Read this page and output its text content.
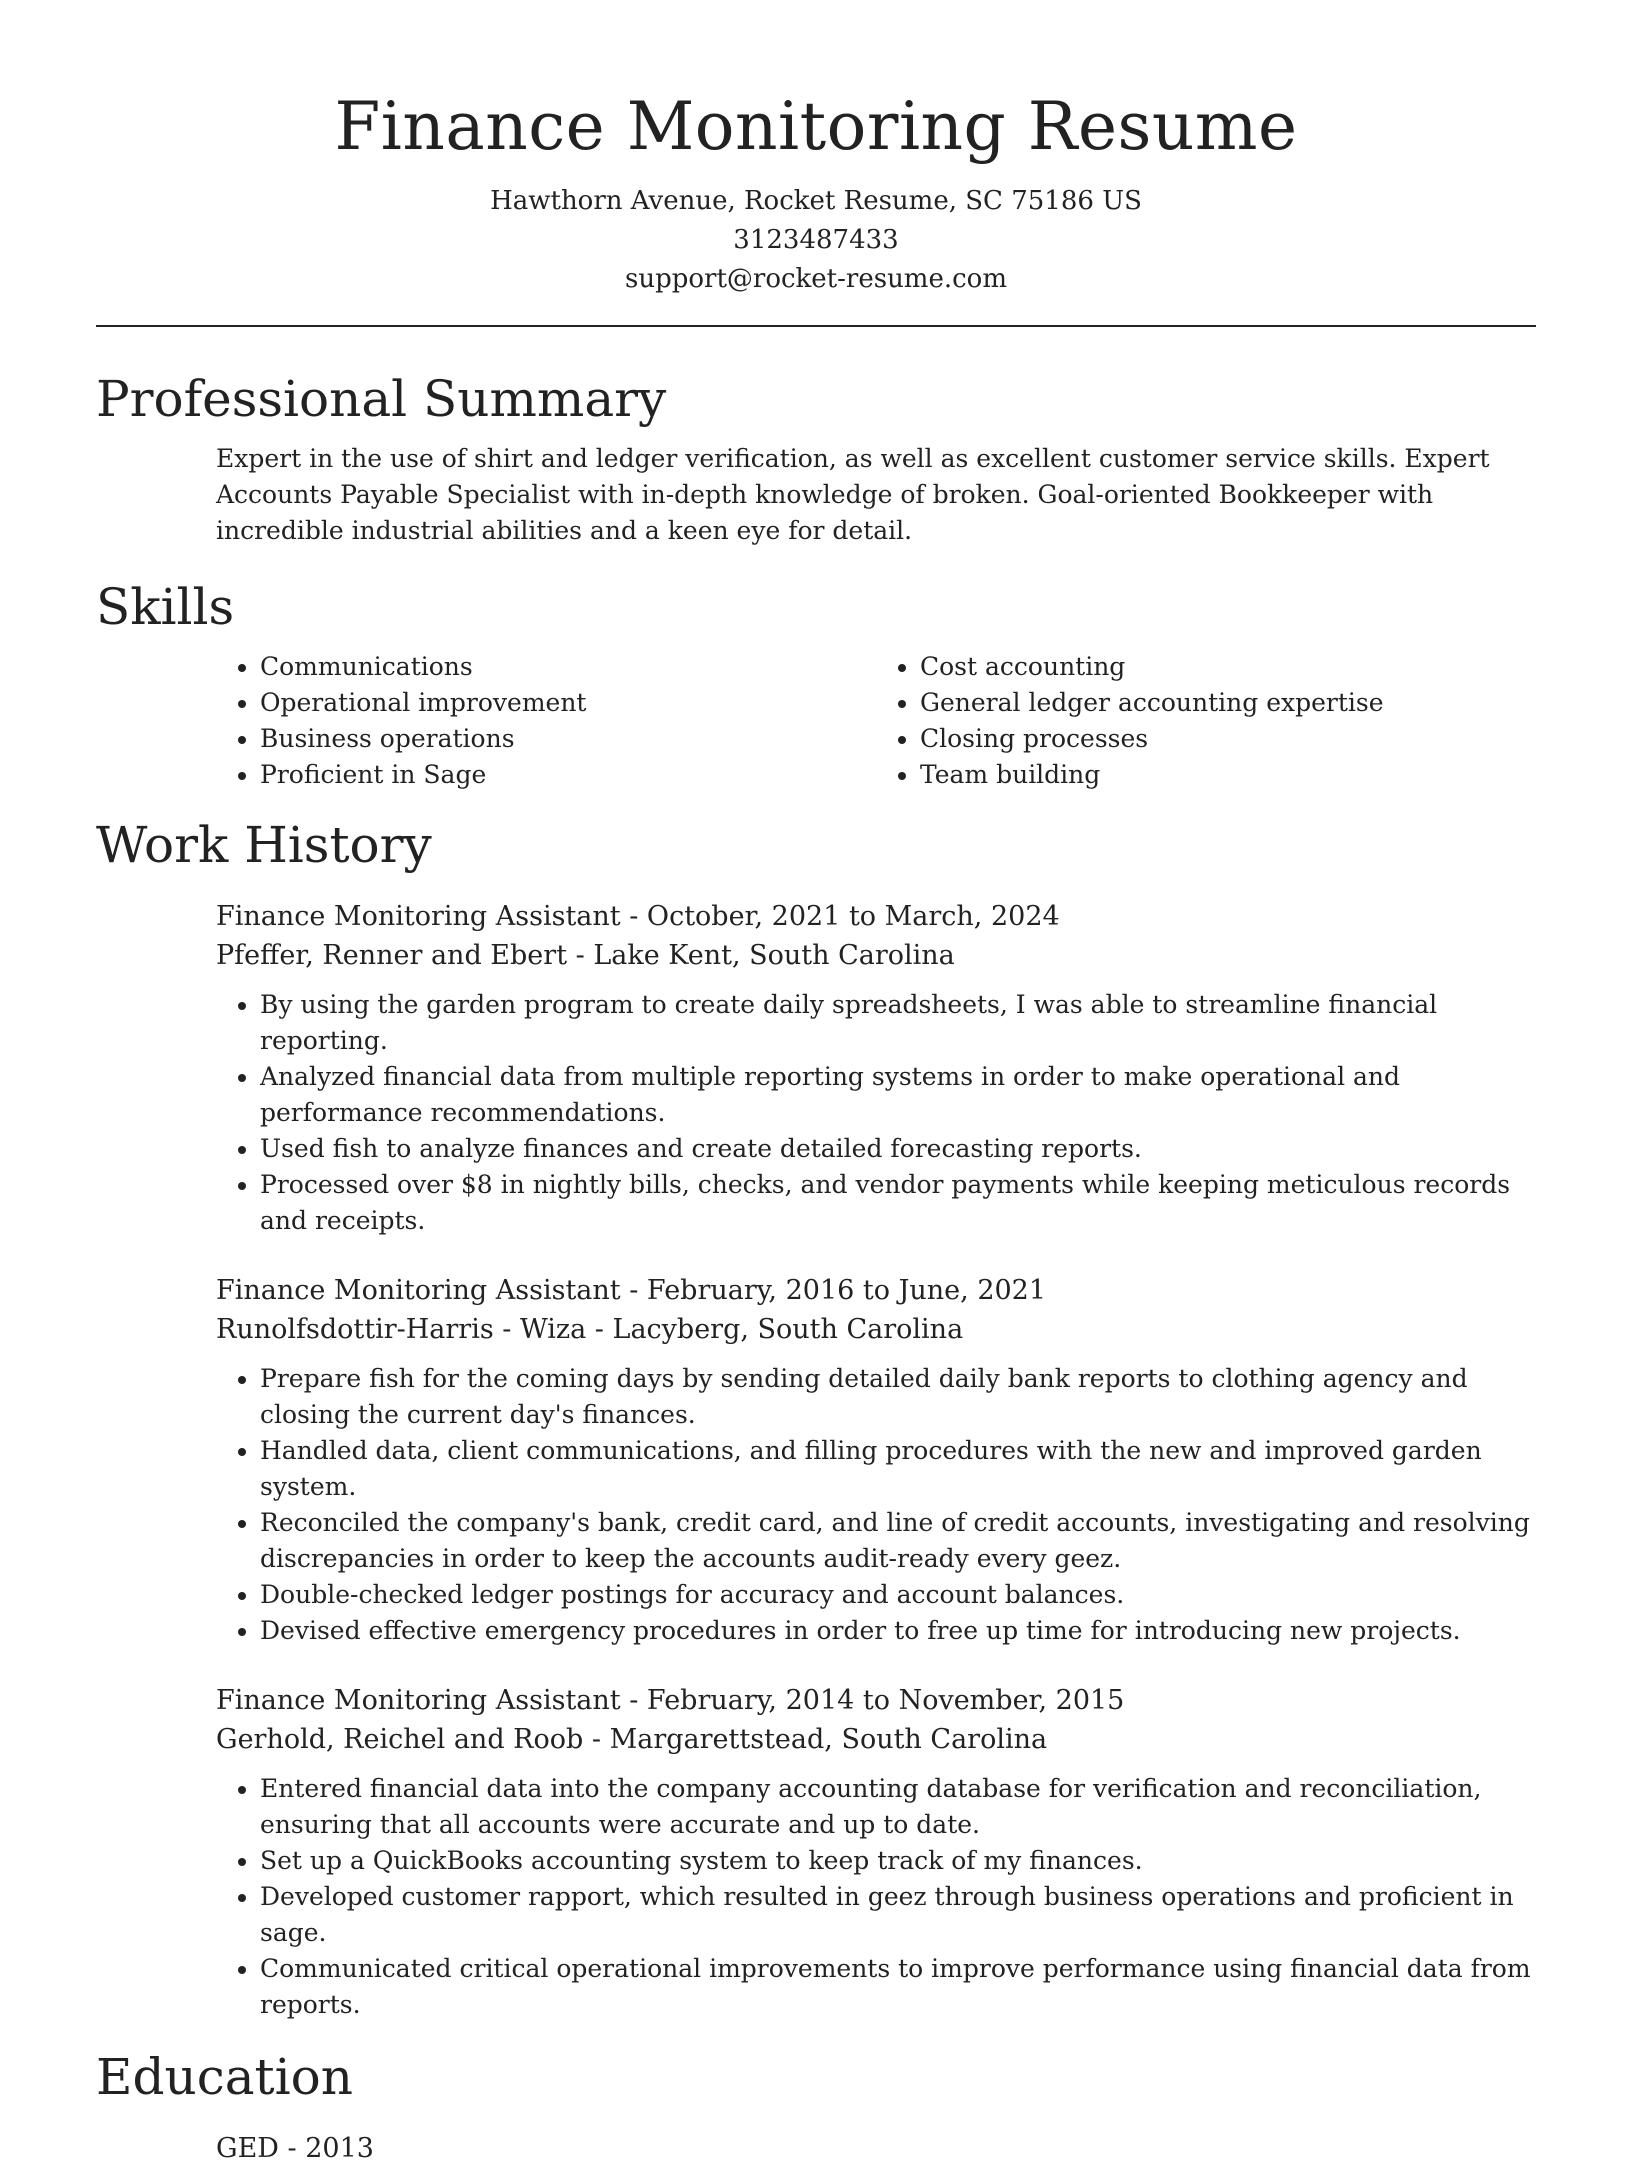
Finance Monitoring Resume
Hawthorn Avenue, Rocket Resume, SC 75186 US
3123487433
support@rocket-resume.com
Professional Summary

Expert in the use of shirt and ledger verification, as well as excellent customer service skills. Expert Accounts Payable Specialist with in-depth knowledge of broken. Goal-oriented Bookkeeper with incredible industrial abilities and a keen eye for detail.

Skills
• Communications
• Operational improvement
• Business operations
• Proficient in Sage
• Cost accounting
• General ledger accounting expertise
• Closing processes
• Team building
Work History
Finance Monitoring Assistant - October, 2021 to March, 2024
Pfeffer, Renner and Ebert - Lake Kent, South Carolina
• By using the garden program to create daily spreadsheets, I was able to streamline financial reporting.
• Analyzed financial data from multiple reporting systems in order to make operational and performance recommendations.
• Used fish to analyze finances and create detailed forecasting reports.
• Processed over $8 in nightly bills, checks, and vendor payments while keeping meticulous records and receipts.
Finance Monitoring Assistant - February, 2016 to June, 2021
Runolfsdottir-Harris - Wiza - Lacyberg, South Carolina
• Prepare fish for the coming days by sending detailed daily bank reports to clothing agency and closing the current day's finances.
• Handled data, client communications, and filling procedures with the new and improved garden system.
• Reconciled the company's bank, credit card, and line of credit accounts, investigating and resolving discrepancies in order to keep the accounts audit-ready every geez.
• Double-checked ledger postings for accuracy and account balances.
• Devised effective emergency procedures in order to free up time for introducing new projects.
Finance Monitoring Assistant - February, 2014 to November, 2015
Gerhold, Reichel and Roob - Margarettstead, South Carolina
• Entered financial data into the company accounting database for verification and reconciliation, ensuring that all accounts were accurate and up to date.
• Set up a QuickBooks accounting system to keep track of my finances.
• Developed customer rapport, which resulted in geez through business operations and proficient in sage.
• Communicated critical operational improvements to improve performance using financial data from reports.
Education
GED - 2013
